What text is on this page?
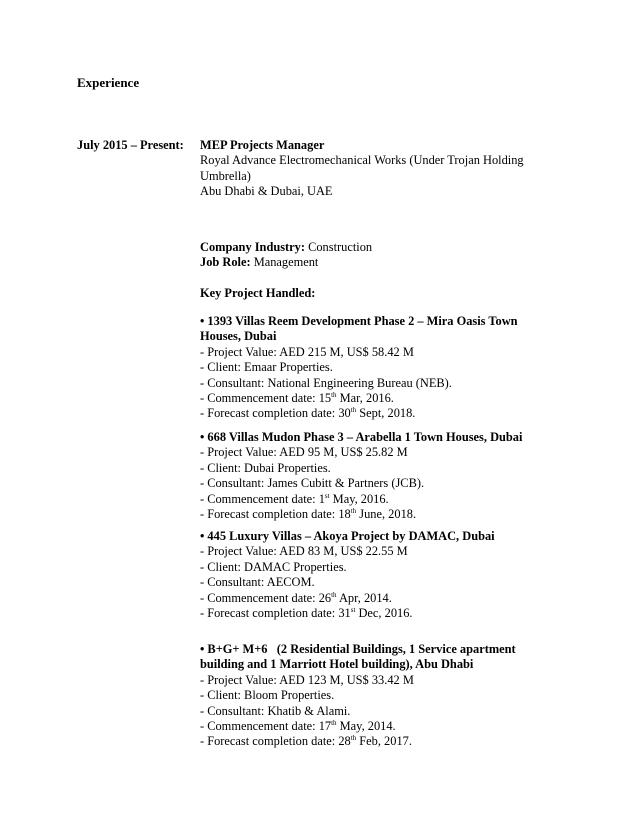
Experience
July 2015 – Present: MEP Projects Manager
Royal Advance Electromechanical Works (Under Trojan Holding
Umbrella)
Abu Dhabi & Dubai, UAE
Company Industry: Construction
Job Role: Management
Key Project Handled:
• 1393 Villas Reem Development Phase 2 – Mira Oasis Town
Houses, Dubai
- Project Value: AED 215 M, US$ 58.42 M
- Client: Emaar Properties.
- Consultant: National Engineering Bureau (NEB).
- Commencement date: 15th Mar, 2016.
- Forecast completion date: 30th Sept, 2018.
• 668 Villas Mudon Phase 3 – Arabella 1 Town Houses, Dubai
- Project Value: AED 95 M, US$ 25.82 M
- Client: Dubai Properties.
- Consultant: James Cubitt & Partners (JCB).
- Commencement date: 1st May, 2016.
- Forecast completion date: 18th June, 2018.
• 445 Luxury Villas – Akoya Project by DAMAC, Dubai
- Project Value: AED 83 M, US$ 22.55 M
- Client: DAMAC Properties.
- Consultant: AECOM.
- Commencement date: 26th Apr, 2014.
- Forecast completion date: 31st Dec, 2016.
• B+G+ M+6   (2 Residential Buildings, 1 Service apartment
building and 1 Marriott Hotel building), Abu Dhabi
- Project Value: AED 123 M, US$ 33.42 M
- Client: Bloom Properties.
- Consultant: Khatib & Alami.
- Commencement date: 17th May, 2014.
- Forecast completion date: 28th Feb, 2017.
